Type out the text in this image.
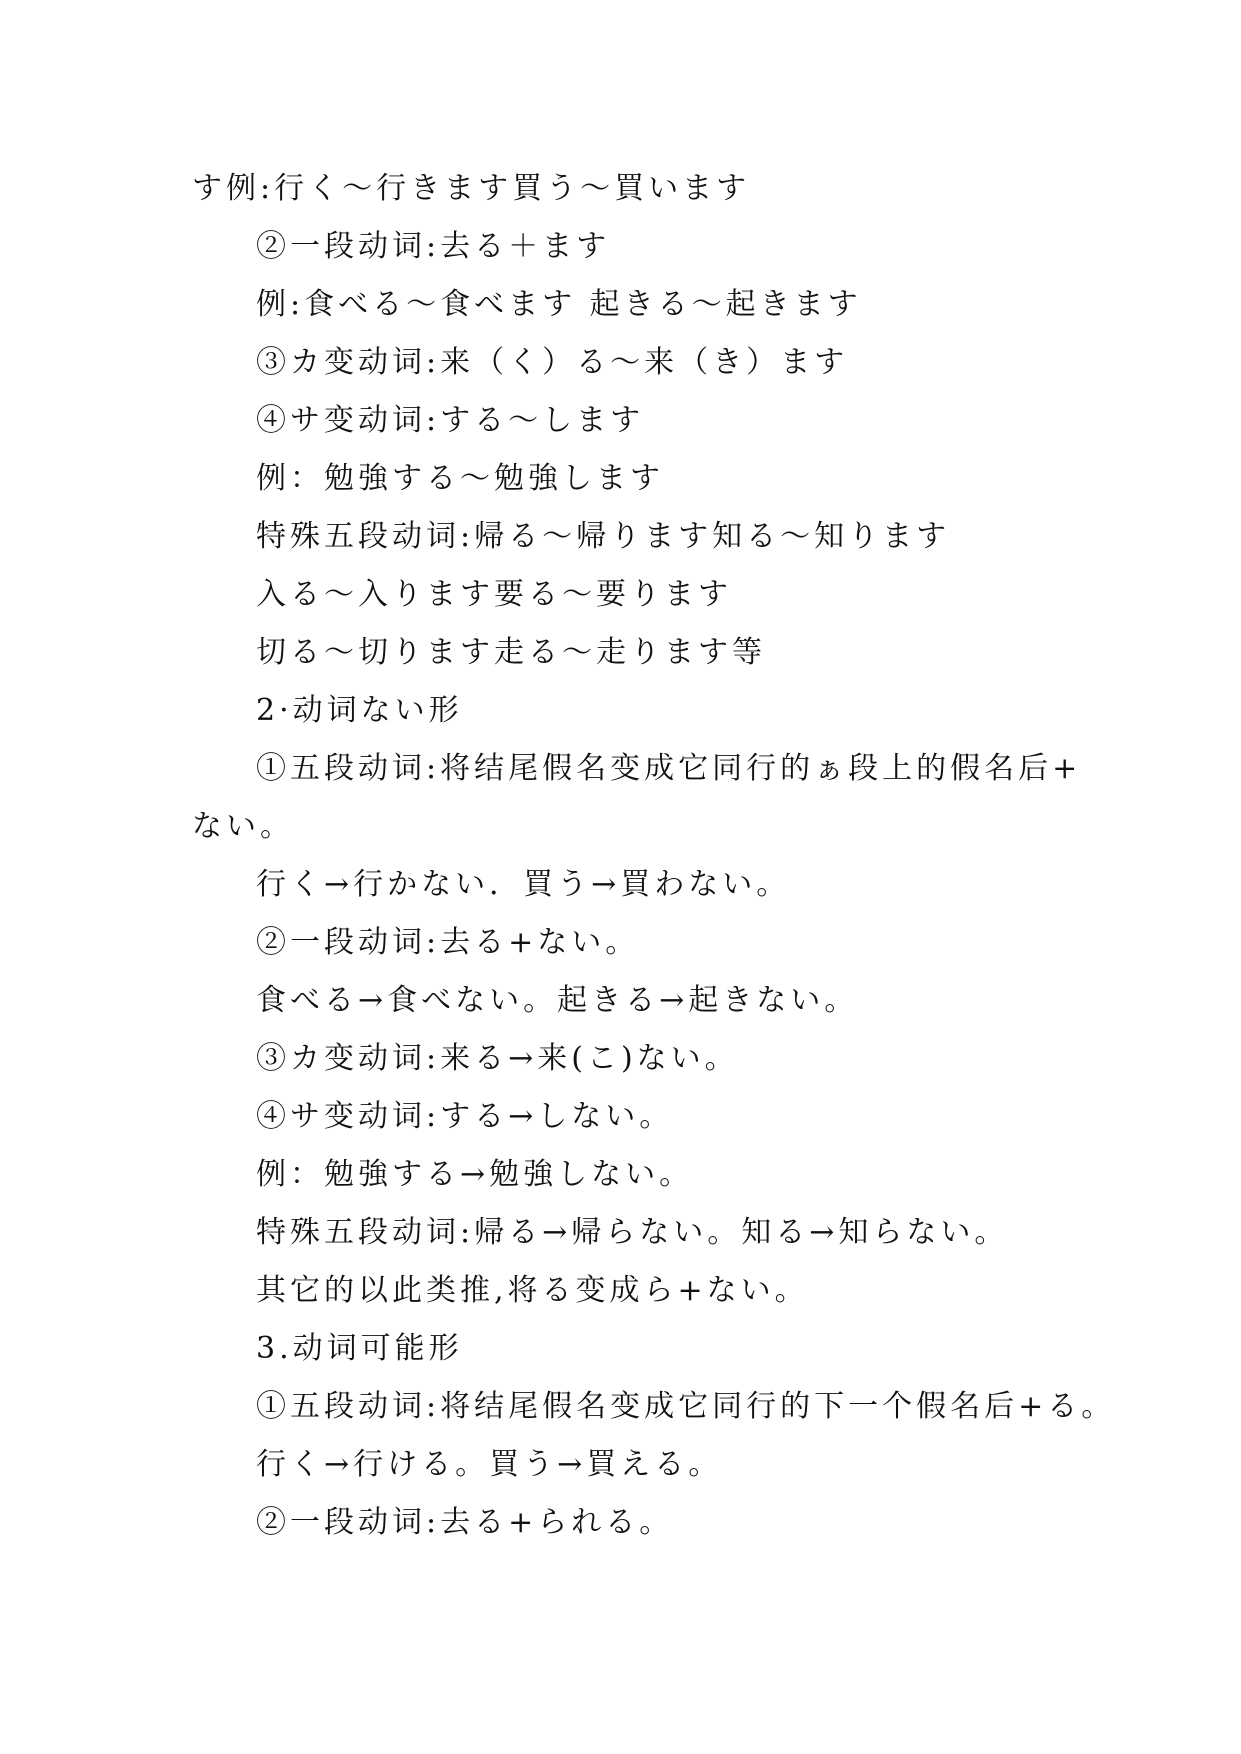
す例:行く～行きます買う～買います
②一段动词:去る＋ます
例:食べる～食べます 起きる～起きます
③カ变动词:来（く）る～来（き）ます
④サ变动词:する～します
例：勉強する～勉強します
特殊五段动词:帰る～帰ります知る～知ります
入る～入ります要る～要ります
切る～切ります走る～走ります等
2·动词ない形
①五段动词:将结尾假名变成它同行的ぁ段上的假名后+
ない。
行く→行かない．買う→買わない。
②一段动词:去る+ない。
食べる→食べない。起きる→起きない。
③カ变动词:来る→来(こ)ない。
④サ变动词:する→しない。
例：勉強する→勉強しない。
特殊五段动词:帰る→帰らない。知る→知らない。
其它的以此类推,将る变成ら+ない。
3.动词可能形
①五段动词:将结尾假名变成它同行的下一个假名后+る。
行く→行ける。買う→買える。
②一段动词:去る+られる。
